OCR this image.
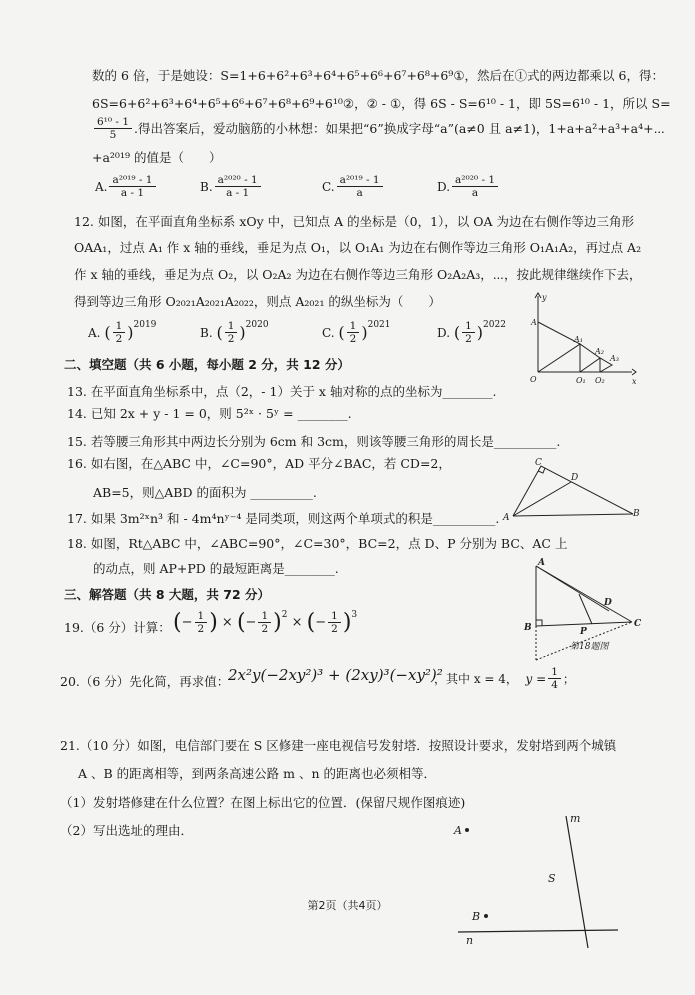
数的 6 倍，于是她设：S=1+6+6²+6³+6⁴+6⁵+6⁶+6⁷+6⁸+6⁹①，然后在①式的两边都乘以 6，得：
6S=6+6²+6³+6⁴+6⁵+6⁶+6⁷+6⁸+6⁹+6¹⁰②，② - ①，得 6S - S=6¹⁰ - 1，即 5S=6¹⁰ - 1，所以 S=
$\frac{\text{6¹⁰ - 1}}{5}$ .得出答案后，爱动脑筋的小林想：如果把“6”换成字母“a”(a≠0 且 a≠1)，1+a+a²+a³+a⁴+⋯
+a²⁰¹⁹ 的值是（　　）
A. $\frac{\text{a²⁰¹⁹ - 1}}{a - 1}$	B. $\frac{\text{a²⁰²⁰ - 1}}{a - 1}$	C. $\frac{\text{a²⁰¹⁹ - 1}}{a}$	D. $\frac{\text{a²⁰²⁰ - 1}}{a}$
12. 如图，在平面直角坐标系 xOy 中，已知点 A 的坐标是（0，1），以 OA 为边在右侧作等边三角形
OAA₁，过点 A₁ 作 x 轴的垂线，垂足为点 O₁，以 O₁A₁ 为边在右侧作等边三角形 O₁A₁A₂，再过点 A₂
作 x 轴的垂线，垂足为点 O₂，以 O₂A₂ 为边在右侧作等边三角形 O₂A₂A₃，⋯，按此规律继续作下去，
得到等边三角形 O₂₀₂₁A₂₀₂₁A₂₀₂₂，则点 A₂₀₂₁ 的纵坐标为（　　）
A.
( $\frac{1}{2} )^{2019}$
B.
( $\frac{1}{2} )^{2020}$
C.
( $\frac{1}{2} )^{2021}$
D.
( $\frac{1}{2} )^{2022}$
y
x
A
A₁
A₂
A₃
O	O₁ O₂
二、填空题（共 6 小题，每小题 2 分，共 12 分）
13. 在平面直角坐标系中，点（2，- 1）关于 x 轴对称的点的坐标为________.
14. 已知 2x + y - 1 = 0，则 5²ˣ · 5ʸ = ________.
15. 若等腰三角形其中两边长分别为 6cm 和 3cm，则该等腰三角形的周长是__________.
16. 如右图，在△ABC 中，∠C=90°，AD 平分∠BAC，若 CD=2，
AB=5，则△ABD 的面积为 __________.
C
D
A	B
17. 如果 3m²ˣn³ 和 - 4m⁴nʸ⁻⁴ 是同类项，则这两个单项式的积是__________.
18. 如图，Rt△ABC 中，∠ABC=90°，∠C=30°，BC=2，点 D、P 分别为 BC、AC 上
的动点，则 AP+PD 的最短距离是________.
三、解答题（共 8 大题，共 72 分）
19.（6 分）计算： ( − $\frac{1}{2}$ ) × ( − $\frac{1}{2} )^2$ × ( − $\frac{1}{2} )^3$
A
B	C
D
P
第18题图
20.（6 分）先化简，再求值：
2x²y(−2xy²)³ + (2xy)³(−xy²)²
，其中 x = 4，
$y = \frac{1}{4}$ ；
21.（10 分）如图，电信部门要在 S 区修建一座电视信号发射塔．按照设计要求，发射塔到两个城镇
A 、B 的距离相等，到两条高速公路 m 、n 的距离也必须相等．
（1）发射塔修建在什么位置？在图上标出它的位置．(保留尺规作图痕迹)
（2）写出选址的理由．	A
B
S
m
n
第2页（共4页）
